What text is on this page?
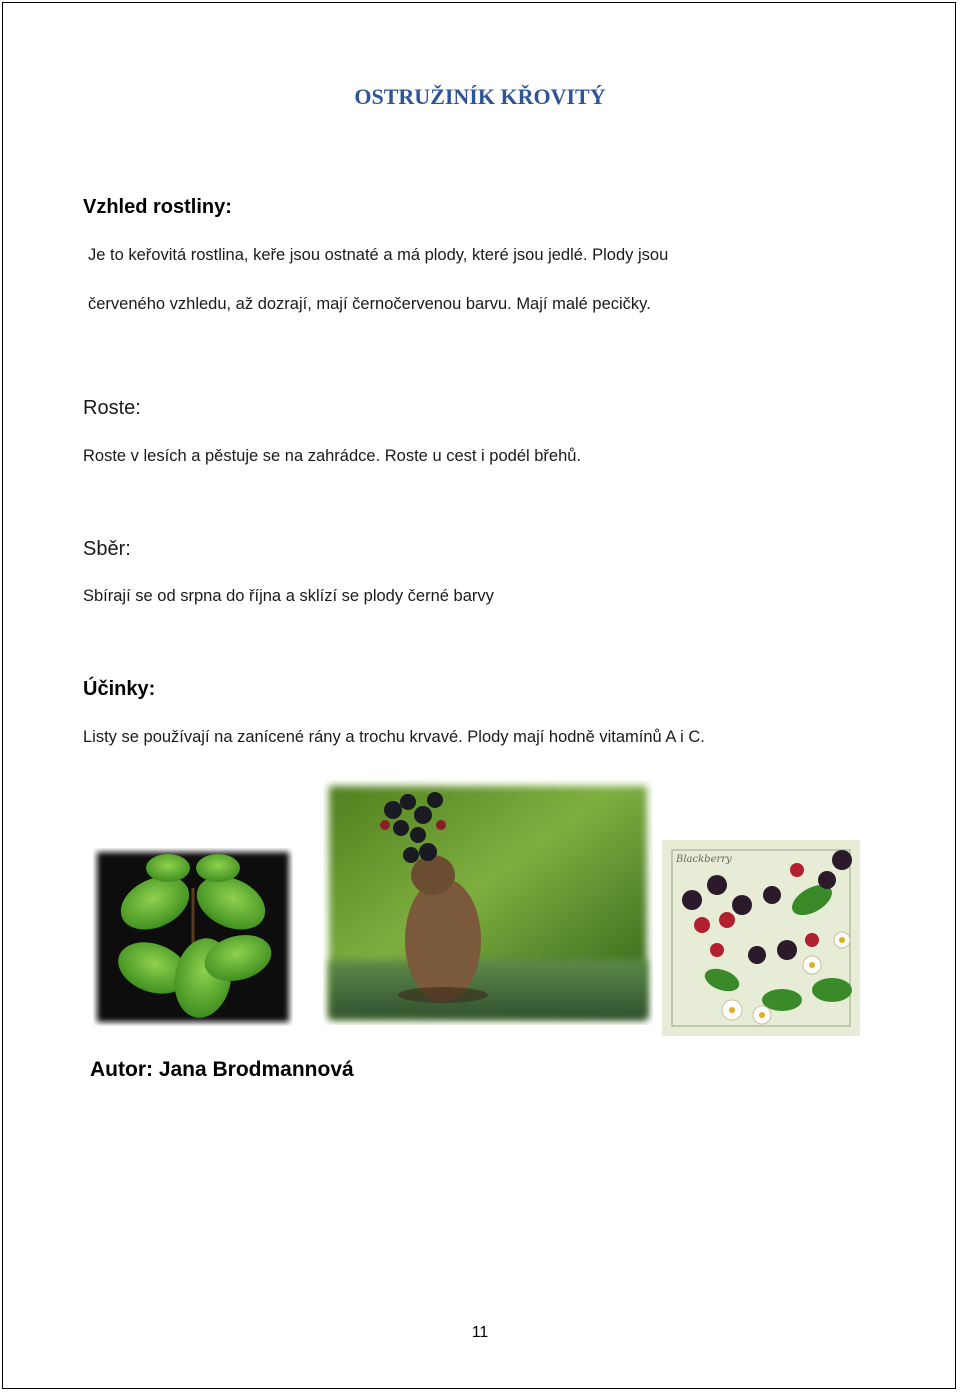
OSTRUŽINÍK KŘOVITÝ
Vzhled rostliny:
Je to keřovitá rostlina, keře jsou ostnaté a má plody, které jsou jedlé. Plody jsou
červeného vzhledu, až dozrají, mají černočervenou barvu. Mají malé pecičky.
Roste:
Roste v lesích a pěstuje se na zahrádce. Roste u cest i podél břehů.
Sběr:
Sbírají se od srpna do října a sklízí se plody černé barvy
Účinky:
Listy se používají na zanícené rány a trochu krvavé. Plody mají hodně vitamínů A i C.
Blackberry
Autor: Jana Brodmannová
11
